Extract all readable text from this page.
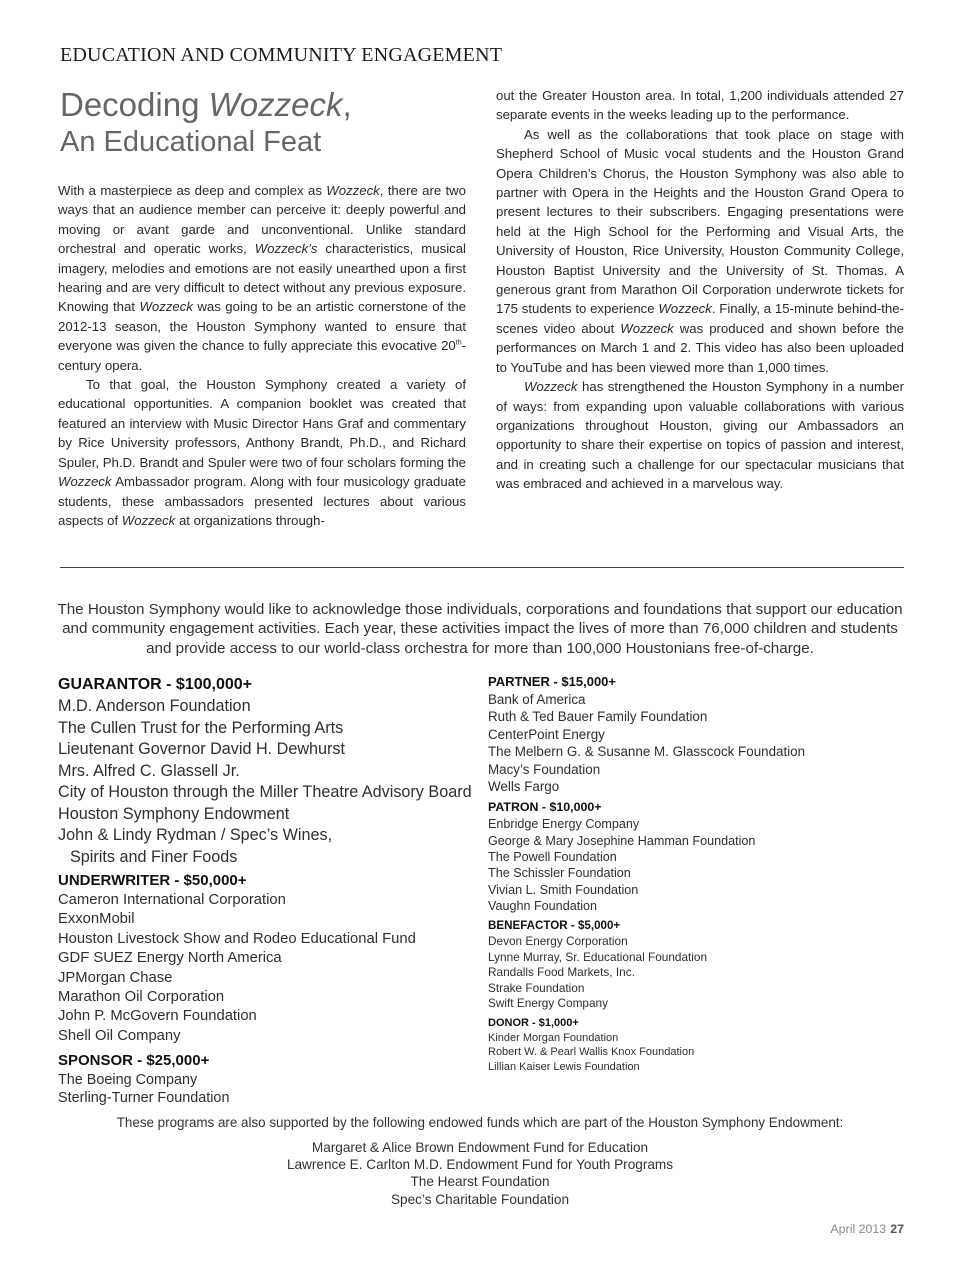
EDUCATION AND COMMUNITY ENGAGEMENT
Decoding Wozzeck,
An Educational Feat

With a masterpiece as deep and complex as Wozzeck, there are two ways that an audience member can perceive it: deeply powerful and moving or avant garde and unconventional. Unlike standard orchestral and operatic works, Wozzeck’s characteristics, musical imagery, melodies and emotions are not easily unearthed upon a first hearing and are very difficult to detect without any previous exposure. Knowing that Wozzeck was going to be an artistic cornerstone of the 2012-13 season, the Houston Symphony wanted to ensure that everyone was given the chance to fully appreciate this evocative 20th-century opera.

To that goal, the Houston Symphony created a variety of educational opportunities. A companion booklet was created that featured an interview with Music Director Hans Graf and commentary by Rice University professors, Anthony Brandt, Ph.D., and Richard Spuler, Ph.D. Brandt and Spuler were two of four scholars forming the Wozzeck Ambassador program. Along with four musicology graduate students, these ambassadors presented lectures about various aspects of Wozzeck at organizations through-

out the Greater Houston area. In total, 1,200 individuals attended 27 separate events in the weeks leading up to the performance.

As well as the collaborations that took place on stage with Shepherd School of Music vocal students and the Houston Grand Opera Children’s Chorus, the Houston Symphony was also able to partner with Opera in the Heights and the Houston Grand Opera to present lectures to their subscribers. Engaging presentations were held at the High School for the Performing and Visual Arts, the University of Houston, Rice University, Houston Community College, Houston Baptist University and the University of St. Thomas. A generous grant from Marathon Oil Corporation underwrote tickets for 175 students to experience Wozzeck. Finally, a 15-minute behind-the-scenes video about Wozzeck was produced and shown before the performances on March 1 and 2. This video has also been uploaded to YouTube and has been viewed more than 1,000 times.

Wozzeck has strengthened the Houston Symphony in a number of ways: from expanding upon valuable collaborations with various organizations throughout Houston, giving our Ambassadors an opportunity to share their expertise on topics of passion and interest, and in creating such a challenge for our spectacular musicians that was embraced and achieved in a marvelous way.

The Houston Symphony would like to acknowledge those individuals, corporations and foundations that support our education and community engagement activities. Each year, these activities impact the lives of more than 76,000 children and students and provide access to our world-class orchestra for more than 100,000 Houstonians free-of-charge.
GUARANTOR - $100,000+
M.D. Anderson Foundation
The Cullen Trust for the Performing Arts
Lieutenant Governor David H. Dewhurst
Mrs. Alfred C. Glassell Jr.
City of Houston through the Miller Theatre Advisory Board
Houston Symphony Endowment
John & Lindy Rydman / Spec’s Wines,
Spirits and Finer Foods
UNDERWRITER - $50,000+
Cameron International Corporation
ExxonMobil
Houston Livestock Show and Rodeo Educational Fund
GDF SUEZ Energy North America
JPMorgan Chase
Marathon Oil Corporation
John P. McGovern Foundation
Shell Oil Company
SPONSOR - $25,000+
The Boeing Company
Sterling-Turner Foundation
PARTNER - $15,000+
Bank of America
Ruth & Ted Bauer Family Foundation
CenterPoint Energy
The Melbern G. & Susanne M. Glasscock Foundation
Macy’s Foundation
Wells Fargo
PATRON - $10,000+
Enbridge Energy Company
George & Mary Josephine Hamman Foundation
The Powell Foundation
The Schissler Foundation
Vivian L. Smith Foundation
Vaughn Foundation
BENEFACTOR - $5,000+
Devon Energy Corporation
Lynne Murray, Sr. Educational Foundation
Randalls Food Markets, Inc.
Strake Foundation
Swift Energy Company
DONOR - $1,000+
Kinder Morgan Foundation
Robert W. & Pearl Wallis Knox Foundation
Lillian Kaiser Lewis Foundation
These programs are also supported by the following endowed funds which are part of the Houston Symphony Endowment:
Margaret & Alice Brown Endowment Fund for Education
Lawrence E. Carlton M.D. Endowment Fund for Youth Programs
The Hearst Foundation
Spec’s Charitable Foundation
April 2013 27
